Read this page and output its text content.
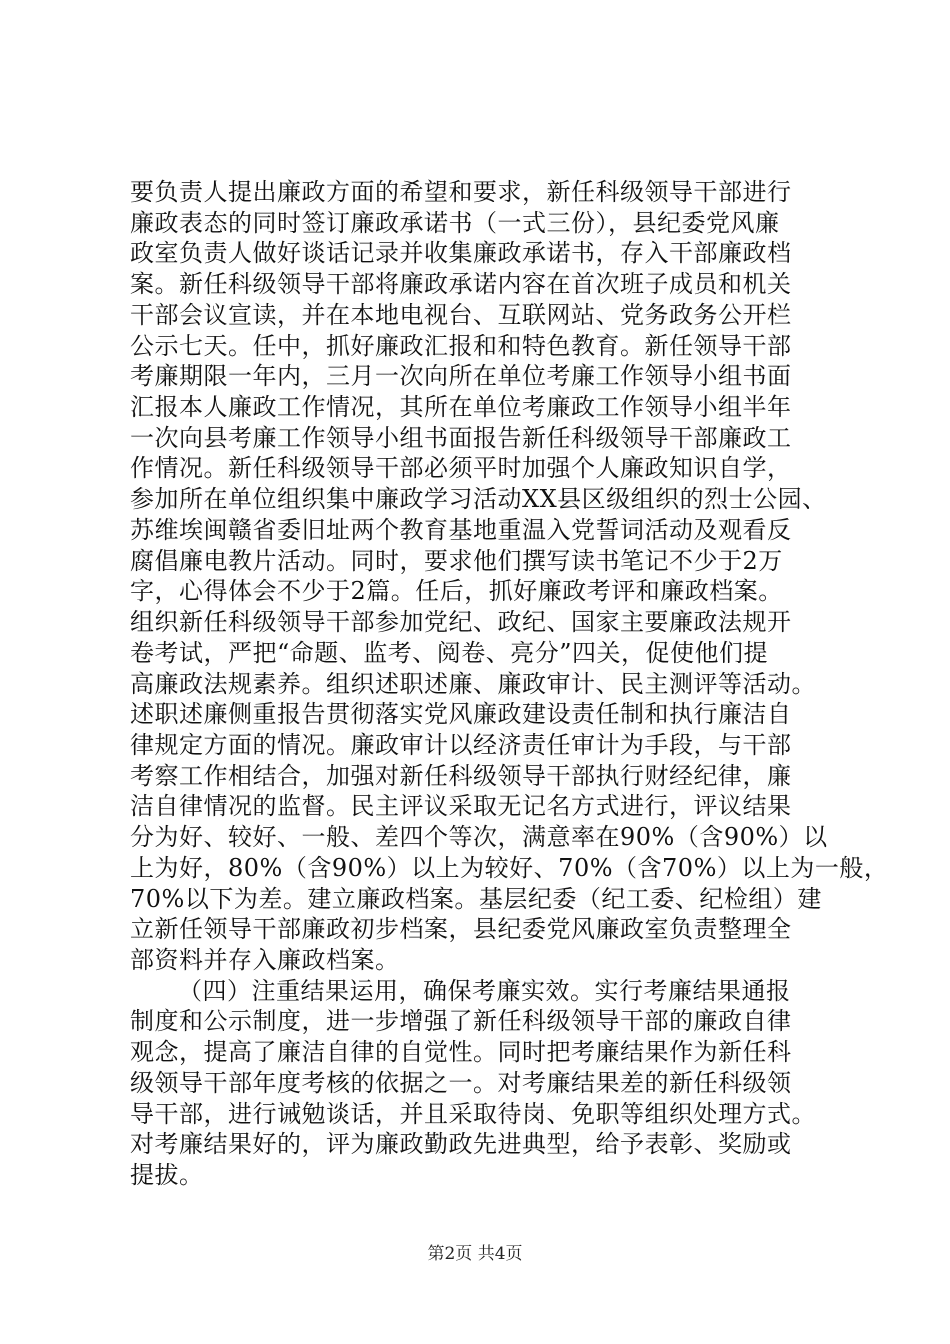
要负责人提出廉政方面的希望和要求，新任科级领导干部进行
廉政表态的同时签订廉政承诺书（一式三份），县纪委党风廉
政室负责人做好谈话记录并收集廉政承诺书，存入干部廉政档
案。新任科级领导干部将廉政承诺内容在首次班子成员和机关
干部会议宣读，并在本地电视台、互联网站、党务政务公开栏
公示七天。任中，抓好廉政汇报和和特色教育。新任领导干部
考廉期限一年内，三月一次向所在单位考廉工作领导小组书面
汇报本人廉政工作情况，其所在单位考廉政工作领导小组半年
一次向县考廉工作领导小组书面报告新任科级领导干部廉政工
作情况。新任科级领导干部必须平时加强个人廉政知识自学，
参加所在单位组织集中廉政学习活动XX县区级组织的烈士公园、
苏维埃闽赣省委旧址两个教育基地重温入党誓词活动及观看反
腐倡廉电教片活动。同时，要求他们撰写读书笔记不少于2万
字，心得体会不少于2篇。任后，抓好廉政考评和廉政档案。
组织新任科级领导干部参加党纪、政纪、国家主要廉政法规开
卷考试，严把“命题、监考、阅卷、亮分”四关，促使他们提
高廉政法规素养。组织述职述廉、廉政审计、民主测评等活动。
述职述廉侧重报告贯彻落实党风廉政建设责任制和执行廉洁自
律规定方面的情况。廉政审计以经济责任审计为手段，与干部
考察工作相结合，加强对新任科级领导干部执行财经纪律，廉
洁自律情况的监督。民主评议采取无记名方式进行，评议结果
分为好、较好、一般、差四个等次，满意率在90%（含90%）以
上为好，80%（含90%）以上为较好、70%（含70%）以上为一般，
70%以下为差。建立廉政档案。基层纪委（纪工委、纪检组）建
立新任领导干部廉政初步档案，县纪委党风廉政室负责整理全
部资料并存入廉政档案。
（四）注重结果运用，确保考廉实效。实行考廉结果通报
制度和公示制度，进一步增强了新任科级领导干部的廉政自律
观念，提高了廉洁自律的自觉性。同时把考廉结果作为新任科
级领导干部年度考核的依据之一。对考廉结果差的新任科级领
导干部，进行诫勉谈话，并且采取待岗、免职等组织处理方式。
对考廉结果好的，评为廉政勤政先进典型，给予表彰、奖励或
提拔。
第2页 共4页
